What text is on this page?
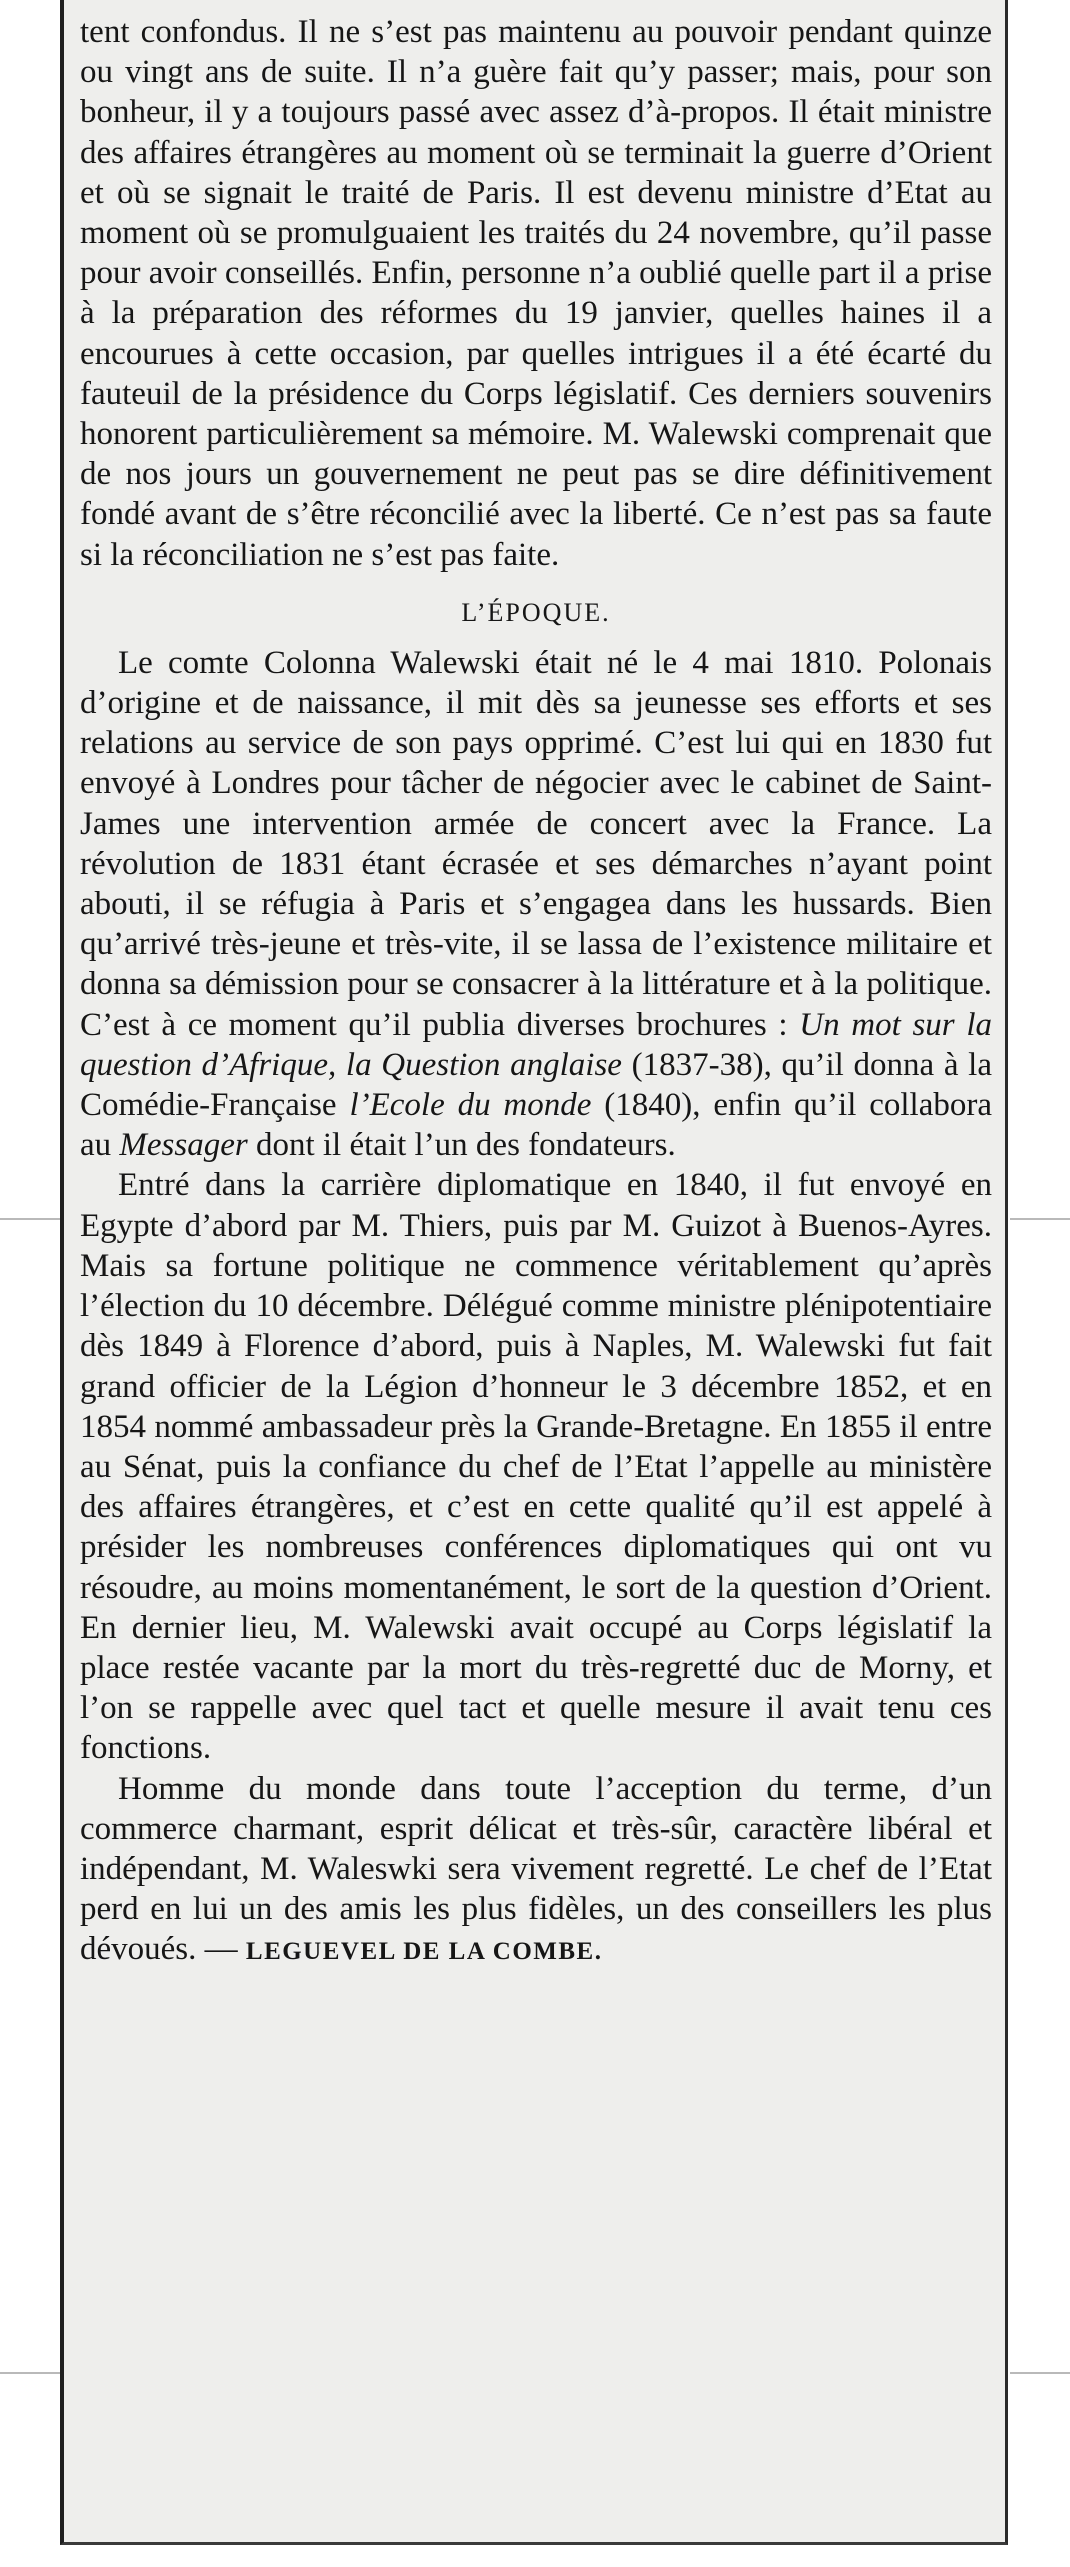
tent confondus. Il ne s’est pas maintenu au pouvoir pendant quinze ou vingt ans de suite. Il n’a guère fait qu’y passer; mais, pour son bonheur, il y a toujours passé avec assez d’à-propos. Il était ministre des affaires étrangères au moment où se terminait la guerre d’Orient et où se signait le traité de Paris. Il est devenu ministre d’Etat au moment où se promulguaient les traités du 24 novembre, qu’il passe pour avoir conseillés. Enfin, personne n’a oublié quelle part il a prise à la préparation des réformes du 19 janvier, quelles haines il a encourues à cette occasion, par quelles intrigues il a été écarté du fauteuil de la présidence du Corps législatif. Ces derniers souvenirs honorent particulièrement sa mémoire. M. Walewski comprenait que de nos jours un gouvernement ne peut pas se dire définitivement fondé avant de s’être réconcilié avec la liberté. Ce n’est pas sa faute si la réconciliation ne s’est pas faite.

L’ÉPOQUE.

Le comte Colonna Walewski était né le 4 mai 1810. Polonais d’origine et de naissance, il mit dès sa jeunesse ses efforts et ses relations au service de son pays opprimé. C’est lui qui en 1830 fut envoyé à Londres pour tâcher de négocier avec le cabinet de Saint-James une intervention armée de concert avec la France. La révolution de 1831 étant écrasée et ses démarches n’ayant point abouti, il se réfugia à Paris et s’engagea dans les hussards. Bien qu’arrivé très-jeune et très-vite, il se lassa de l’existence militaire et donna sa démission pour se consacrer à la littérature et à la politique. C’est à ce moment qu’il publia diverses brochures : Un mot sur la question d’Afrique, la Question anglaise (1837-38), qu’il donna à la Comédie-Française l’Ecole du monde (1840), enfin qu’il collabora au Messager dont il était l’un des fondateurs.

Entré dans la carrière diplomatique en 1840, il fut envoyé en Egypte d’abord par M. Thiers, puis par M. Guizot à Buenos-Ayres. Mais sa fortune politique ne commence véritablement qu’après l’élection du 10 décembre. Délégué comme ministre plénipotentiaire dès 1849 à Florence d’abord, puis à Naples, M. Walewski fut fait grand officier de la Légion d’honneur le 3 décembre 1852, et en 1854 nommé ambassadeur près la Grande-Bretagne. En 1855 il entre au Sénat, puis la confiance du chef de l’Etat l’appelle au ministère des affaires étrangères, et c’est en cette qualité qu’il est appelé à présider les nombreuses conférences diplomatiques qui ont vu résoudre, au moins momentanément, le sort de la question d’Orient. En dernier lieu, M. Walewski avait occupé au Corps législatif la place restée vacante par la mort du très-regretté duc de Morny, et l’on se rappelle avec quel tact et quelle mesure il avait tenu ces fonctions.

Homme du monde dans toute l’acception du terme, d’un commerce charmant, esprit délicat et très-sûr, caractère libéral et indépendant, M. Waleswki sera vivement regretté. Le chef de l’Etat perd en lui un des amis les plus fidèles, un des conseillers les plus dévoués. — LEGUEVEL DE LA COMBE.
